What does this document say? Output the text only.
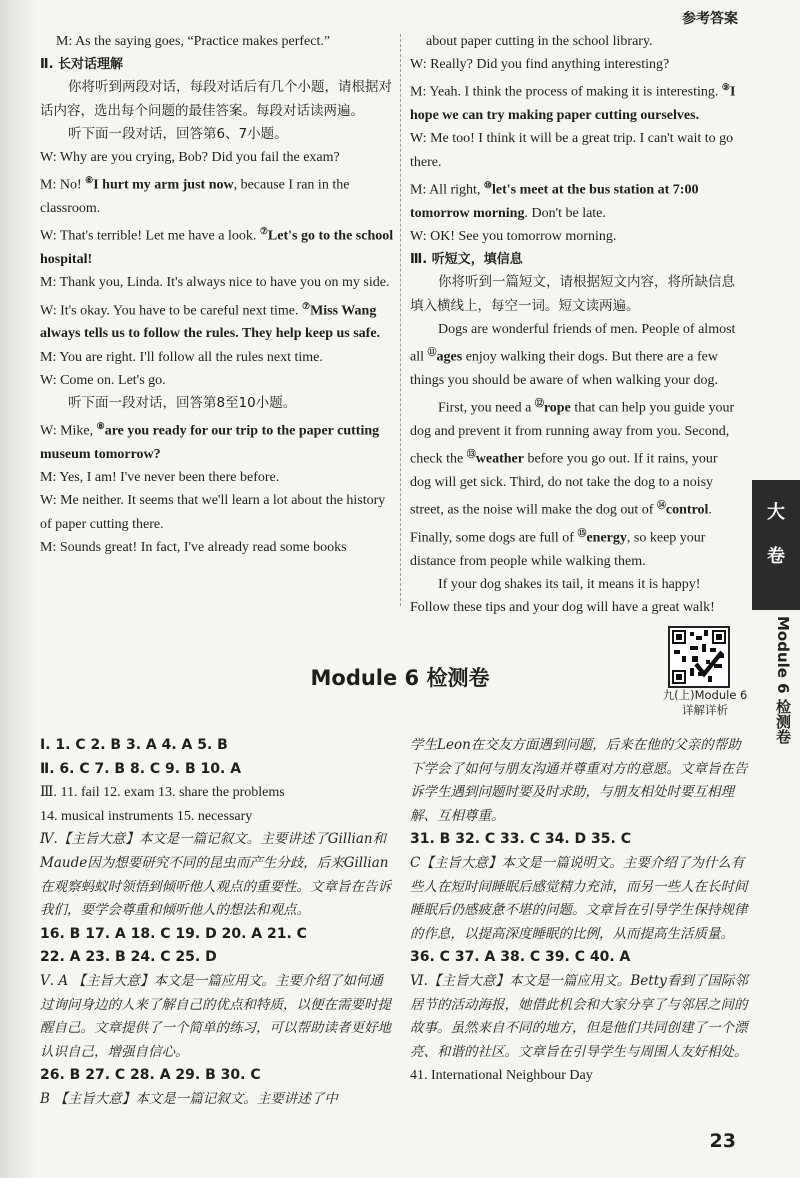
参考答案

M: As the saying goes, “Practice makes perfect.”

Ⅱ. 长对话理解

你将听到两段对话，每段对话后有几个小题，请根据对话内容，选出每个问题的最佳答案。每段对话读两遍。

听下面一段对话，回答第6、7小题。

W: Why are you crying, Bob? Did you fail the exam?

M: No! ⑥I hurt my arm just now, because I ran in the classroom.

W: That's terrible! Let me have a look. ⑦Let's go to the school hospital!

M: Thank you, Linda. It's always nice to have you on my side.

W: It's okay. You have to be careful next time. ⑦Miss Wang always tells us to follow the rules. They help keep us safe.

M: You are right. I'll follow all the rules next time.

W: Come on. Let's go.

听下面一段对话，回答第8至10小题。

W: Mike, ⑧are you ready for our trip to the paper cutting museum tomorrow?

M: Yes, I am! I've never been there before.

W: Me neither. It seems that we'll learn a lot about the history of paper cutting there.

M: Sounds great! In fact, I've already read some books

about paper cutting in the school library.

W: Really? Did you find anything interesting?

M: Yeah. I think the process of making it is interesting. ⑨I hope we can try making paper cutting ourselves.

W: Me too! I think it will be a great trip. I can't wait to go there.

M: All right, ⑩let's meet at the bus station at 7:00 tomorrow morning. Don't be late.

W: OK! See you tomorrow morning.

Ⅲ. 听短文，填信息

你将听到一篇短文，请根据短文内容，将所缺信息填入横线上，每空一词。短文读两遍。

Dogs are wonderful friends of men. People of almost all ⑪ages enjoy walking their dogs. But there are a few things you should be aware of when walking your dog.

First, you need a ⑫rope that can help you guide your dog and prevent it from running away from you. Second, check the ⑬weather before you go out. If it rains, your dog will get sick. Third, do not take the dog to a noisy street, as the noise will make the dog out of ⑭control. Finally, some dogs are full of ⑮energy, so keep your distance from people while walking them.

If your dog shakes its tail, it means it is happy! Follow these tips and your dog will have a great walk!

大
卷
Module 6 检测卷
Module 6 检测卷
九(上)Module 6
详解详析
Ⅰ. 1. C 2. B 3. A 4. A 5. B
Ⅱ. 6. C 7. B 8. C 9. B 10. A
Ⅲ. 11. fail 12. exam 13. share the problems
14. musical instruments 15. necessary
Ⅳ.【主旨大意】本文是一篇记叙文。主要讲述了Gillian和Maude因为想要研究不同的昆虫而产生分歧，后来Gillian在观察蚂蚁时领悟到倾听他人观点的重要性。文章旨在告诉我们，要学会尊重和倾听他人的想法和观点。
16. B 17. A 18. C 19. D 20. A 21. C
22. A 23. B 24. C 25. D
Ⅴ. A 【主旨大意】本文是一篇应用文。主要介绍了如何通过询问身边的人来了解自己的优点和特质，以便在需要时提醒自己。文章提供了一个简单的练习，可以帮助读者更好地认识自己，增强自信心。
26. B 27. C 28. A 29. B 30. C
B 【主旨大意】本文是一篇记叙文。主要讲述了中
学生Leon在交友方面遇到问题，后来在他的父亲的帮助下学会了如何与朋友沟通并尊重对方的意愿。文章旨在告诉学生遇到问题时要及时求助，与朋友相处时要互相理解、互相尊重。
31. B 32. C 33. C 34. D 35. C
C【主旨大意】本文是一篇说明文。主要介绍了为什么有些人在短时间睡眠后感觉精力充沛，而另一些人在长时间睡眠后仍感疲惫不堪的问题。文章旨在引导学生保持规律的作息，以提高深度睡眠的比例，从而提高生活质量。
36. C 37. A 38. C 39. C 40. A
Ⅵ.【主旨大意】本文是一篇应用文。Betty看到了国际邻居节的活动海报，她借此机会和大家分享了与邻居之间的故事。虽然来自不同的地方，但是他们共同创建了一个漂亮、和谐的社区。文章旨在引导学生与周围人友好相处。
41. International Neighbour Day
23
